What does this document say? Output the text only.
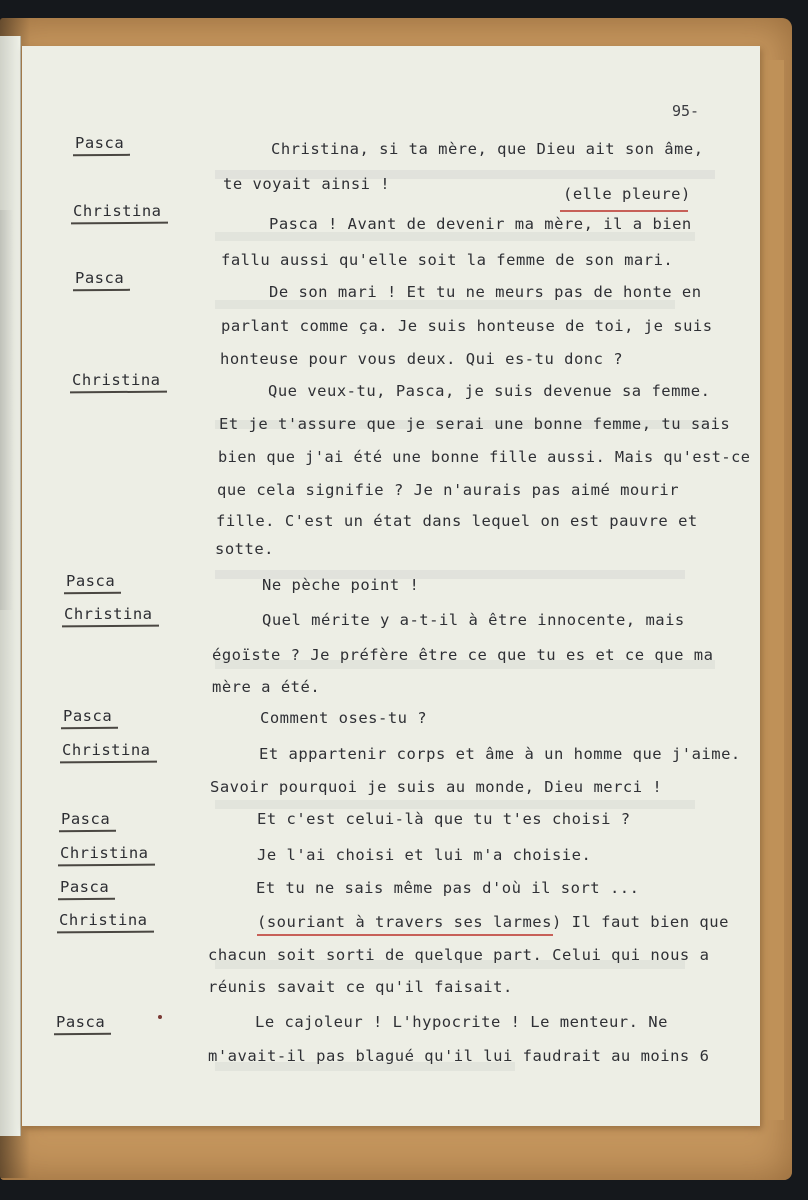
95-
Pasca
Christina
Pasca
Christina
Pasca
Christina
Pasca
Christina
Pasca
Christina
Pasca
Christina
Pasca
Christina, si ta mère, que Dieu ait son âme,
te voyait ainsi !
(elle pleure)
Pasca ! Avant de devenir ma mère, il a bien
fallu aussi qu'elle soit la femme de son mari.
De son mari ! Et tu ne meurs pas de honte en
parlant comme ça. Je suis honteuse de toi, je suis
honteuse pour vous deux. Qui es-tu donc ?
Que veux-tu, Pasca, je suis devenue sa femme.
Et je t'assure que je serai une bonne femme, tu sais
bien que j'ai été une bonne fille aussi. Mais qu'est-ce
que cela signifie ? Je n'aurais pas aimé mourir
fille. C'est un état dans lequel on est pauvre et
sotte.
Ne pèche point !
Quel mérite y a-t-il à être innocente, mais
égoïste ? Je préfère être ce que tu es et ce que ma
mère a été.
Comment oses-tu ?
Et appartenir corps et âme à un homme que j'aime.
Savoir pourquoi je suis au monde, Dieu merci !
Et c'est celui-là que tu t'es choisi ?
Je l'ai choisi et lui m'a choisie.
Et tu ne sais même pas d'où il sort ...
(souriant à travers ses larmes) Il faut bien que
chacun soit sorti de quelque part. Celui qui nous a
réunis savait ce qu'il faisait.
Le cajoleur ! L'hypocrite ! Le menteur. Ne
m'avait-il pas blagué qu'il lui faudrait au moins 6
